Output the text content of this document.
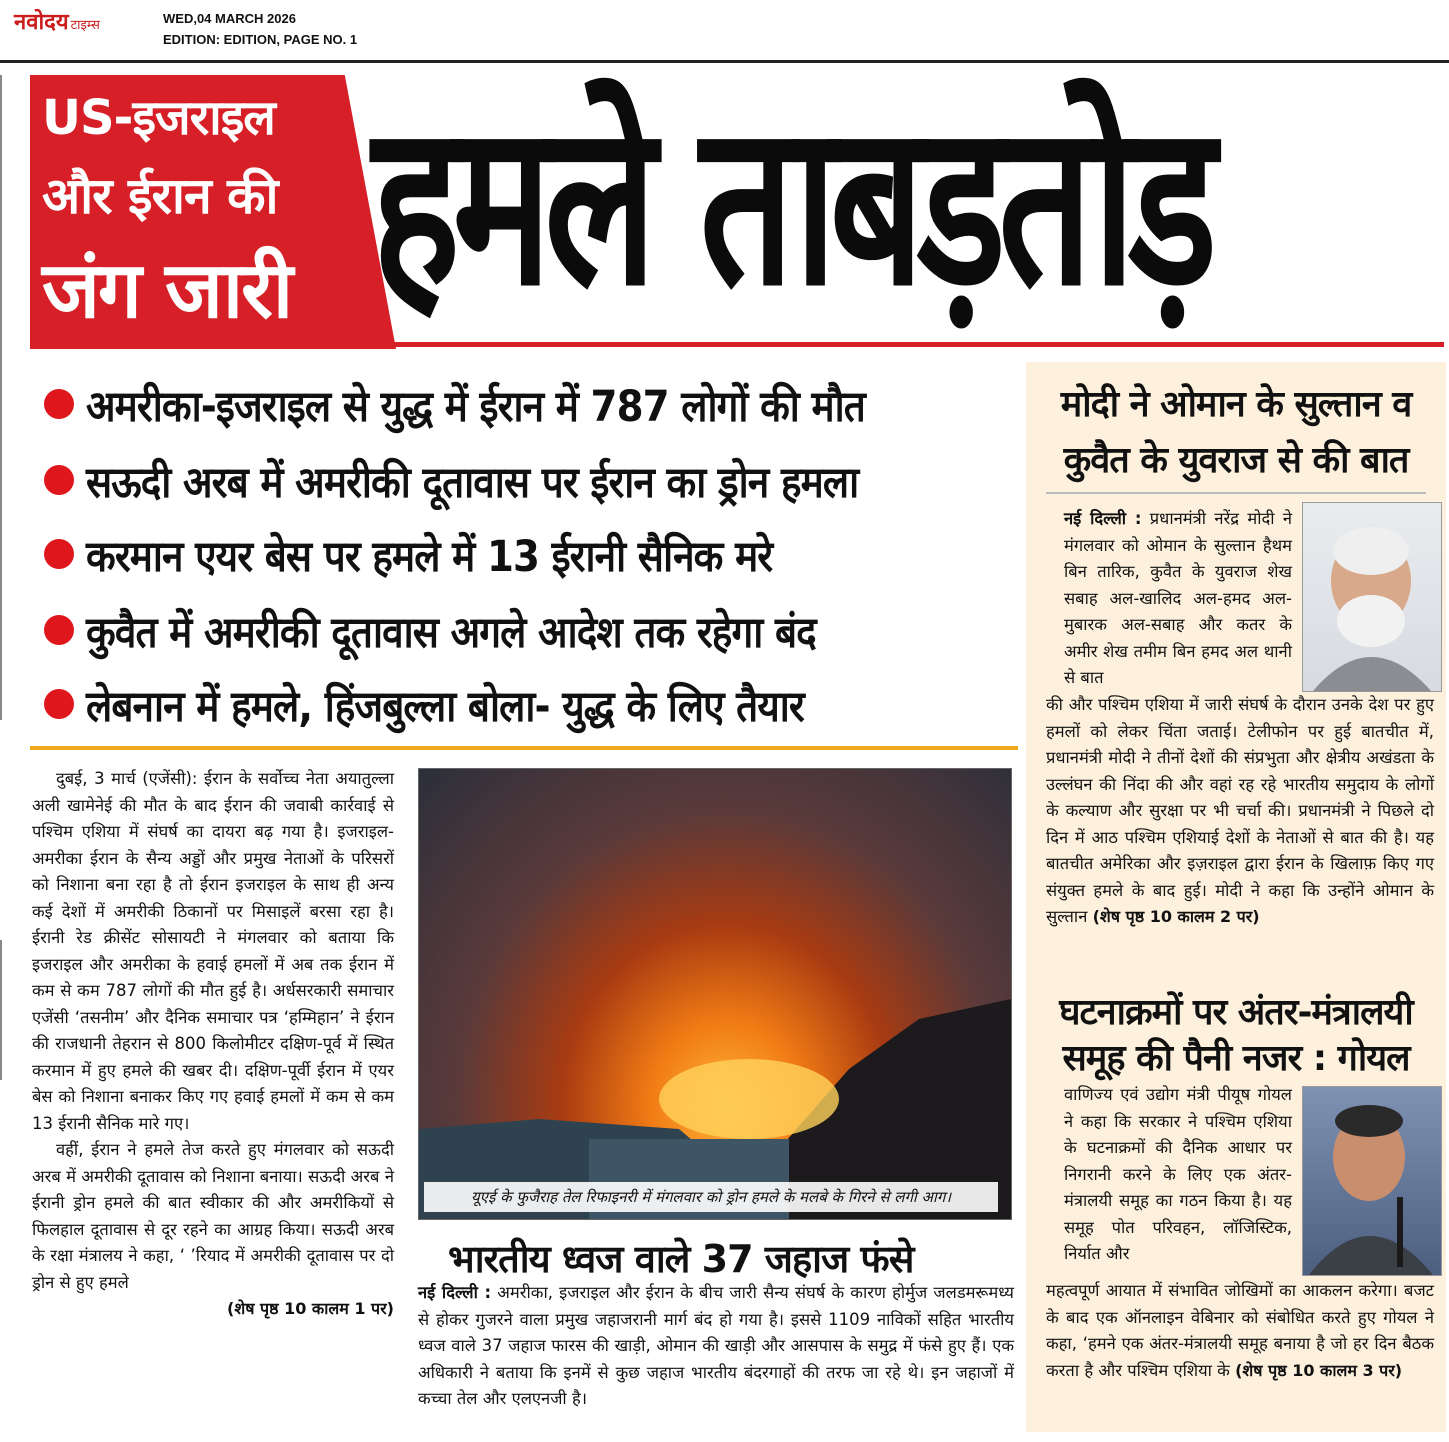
नवोदय टाइम्स	WED,04 MARCH 2026
EDITION: EDITION, PAGE NO. 1
US-इजराइल
और ईरान की
जंग जारी हमले ताबड़तोड़
अमरीका-इजराइल से युद्ध में ईरान में 787 लोगों की मौत
सऊदी अरब में अमरीकी दूतावास पर ईरान का ड्रोन हमला
करमान एयर बेस पर हमले में 13 ईरानी सैनिक मरे
कुवैत में अमरीकी दूतावास अगले आदेश तक रहेगा बंद
लेबनान में हमले, हिंजबुल्ला बोला- युद्ध के लिए तैयार

दुबई, 3 मार्च (एजेंसी): ईरान के सर्वोच्च नेता अयातुल्ला अली खामेनेई की मौत के बाद ईरान की जवाबी कार्रवाई से पश्चिम एशिया में संघर्ष का दायरा बढ़ गया है। इजराइल-अमरीका ईरान के सैन्य अड्डों और प्रमुख नेताओं के परिसरों को निशाना बना रहा है तो ईरान इजराइल के साथ ही अन्य कई देशों में अमरीकी ठिकानों पर मिसाइलें बरसा रहा है। ईरानी रेड क्रीसेंट सोसायटी ने मंगलवार को बताया कि इजराइल और अमरीका के हवाई हमलों में अब तक ईरान में कम से कम 787 लोगों की मौत हुई है। अर्धसरकारी समाचार एजेंसी ‘तसनीम’ और दैनिक समाचार पत्र ‘हम्मिहान’ ने ईरान की राजधानी तेहरान से 800 किलोमीटर दक्षिण-पूर्व में स्थित करमान में हुए हमले की खबर दी। दक्षिण-पूर्वी ईरान में एयर बेस को निशाना बनाकर किए गए हवाई हमलों में कम से कम 13 ईरानी सैनिक मारे गए।

वहीं, ईरान ने हमले तेज करते हुए मंगलवार को सऊदी अरब में अमरीकी दूतावास को निशाना बनाया। सऊदी अरब ने ईरानी ड्रोन हमले की बात स्वीकार की और अमरीकियों से फिलहाल दूतावास से दूर रहने का आग्रह किया। सऊदी अरब के रक्षा मंत्रालय ने कहा, ‘ ’रियाद में अमरीकी दूतावास पर दो ड्रोन से हुए हमले

(शेष पृष्ठ 10 कालम 1 पर)
यूएई के फुजैराह तेल रिफाइनरी में मंगलवार को ड्रोन हमले के मलबे के गिरने से लगी आग।
भारतीय ध्वज वाले 37 जहाज फंसे
नई दिल्ली : अमरीका, इजराइल और ईरान के बीच जारी सैन्य संघर्ष के कारण होर्मुज जलडमरूमध्य से होकर गुजरने वाला प्रमुख जहाजरानी मार्ग बंद हो गया है। इससे 1109 नाविकों सहित भारतीय ध्वज वाले 37 जहाज फारस की खाड़ी, ओमान की खाड़ी और आसपास के समुद्र में फंसे हुए हैं। एक अधिकारी ने बताया कि इनमें से कुछ जहाज भारतीय बंदरगाहों की तरफ जा रहे थे। इन जहाजों में कच्चा तेल और एलएनजी है।
मोदी ने ओमान के सुल्तान व
कुवैत के युवराज से की बात
नई दिल्ली : प्रधानमंत्री नरेंद्र मोदी ने मंगलवार को ओमान के सुल्तान हैथम बिन तारिक, कुवैत के युवराज शेख सबाह अल-खालिद अल-हमद अल-मुबारक अल-सबाह और कतर के अमीर शेख तमीम बिन हमद अल थानी से बात
की और पश्चिम एशिया में जारी संघर्ष के दौरान उनके देश पर हुए हमलों को लेकर चिंता जताई। टेलीफोन पर हुई बातचीत में, प्रधानमंत्री मोदी ने तीनों देशों की संप्रभुता और क्षेत्रीय अखंडता के उल्लंघन की निंदा की और वहां रह रहे भारतीय समुदाय के लोगों के कल्याण और सुरक्षा पर भी चर्चा की। प्रधानमंत्री ने पिछले दो दिन में आठ पश्चिम एशियाई देशों के नेताओं से बात की है। यह बातचीत अमेरिका और इज़राइल द्वारा ईरान के खिलाफ़ किए गए संयुक्त हमले के बाद हुई। मोदी ने कहा कि उन्होंने ओमान के सुल्तान (शेष पृष्ठ 10 कालम 2 पर)
घटनाक्रमों पर अंतर-मंत्रालयी
समूह की पैनी नजर : गोयल
वाणिज्य एवं उद्योग मंत्री पीयूष गोयल ने कहा कि सरकार ने पश्चिम एशिया के घटनाक्रमों की दैनिक आधार पर निगरानी करने के लिए एक अंतर-मंत्रालयी समूह का गठन किया है। यह समूह पोत परिवहन, लॉजिस्टिक, निर्यात और
महत्वपूर्ण आयात में संभावित जोखिमों का आकलन करेगा। बजट के बाद एक ऑनलाइन वेबिनार को संबोधित करते हुए गोयल ने कहा, ‘हमने एक अंतर-मंत्रालयी समूह बनाया है जो हर दिन बैठक करता है और पश्चिम एशिया के (शेष पृष्ठ 10 कालम 3 पर)
